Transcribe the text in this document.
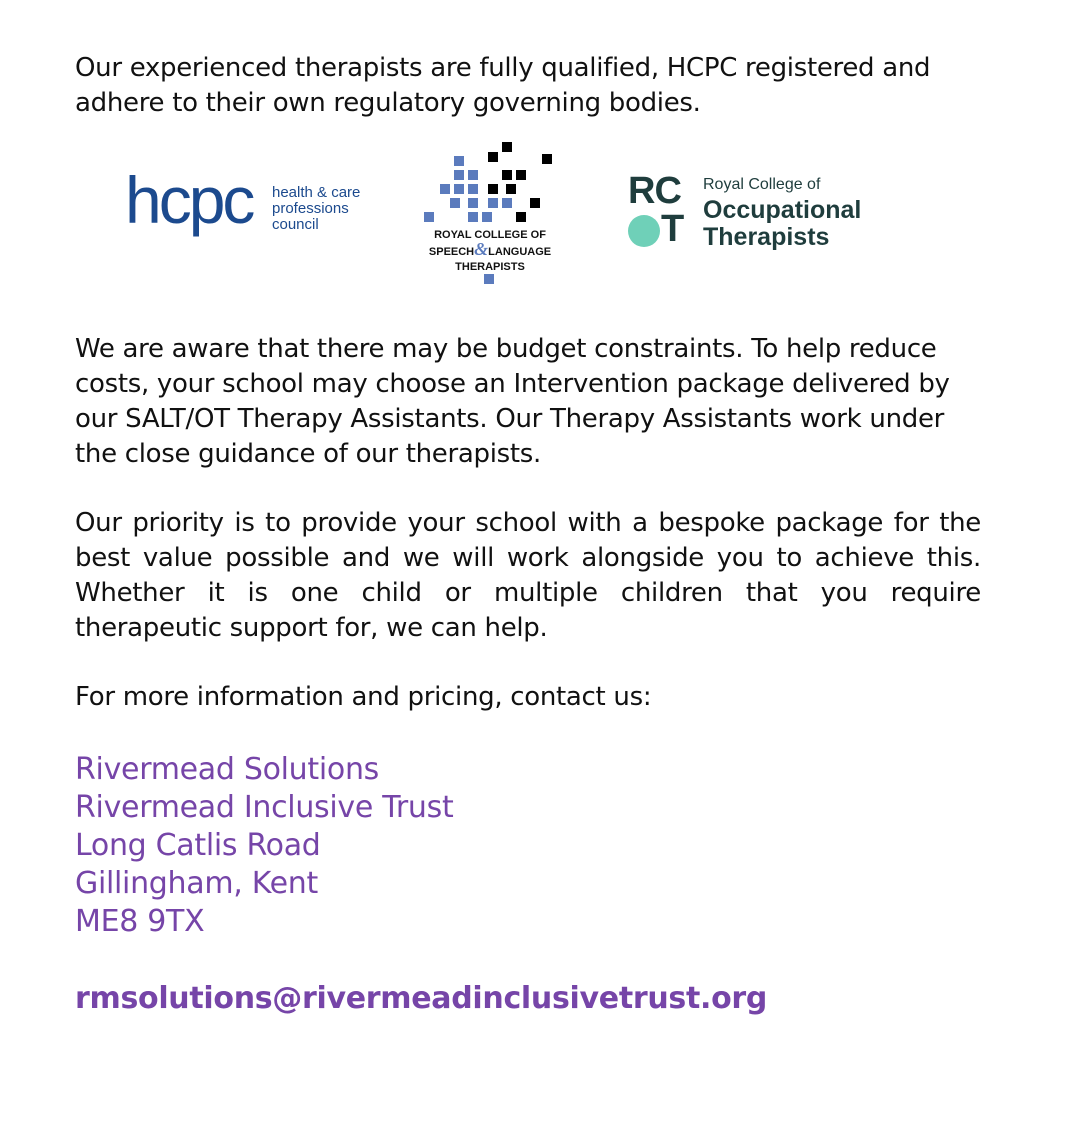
Our experienced therapists are fully qualified, HCPC registered and adhere to their own regulatory governing bodies.

hcpc health & care
professions
council
ROYAL COLLEGE OF
SPEECH&LANGUAGE
THERAPISTS
RC
T
Royal College of
Occupational
Therapists

We are aware that there may be budget constraints. To help reduce costs, your school may choose an Intervention package delivered by our SALT/OT Therapy Assistants. Our Therapy Assistants work under the close guidance of our therapists.

Our priority is to provide your school with a bespoke package for the best value possible and we will work alongside you to achieve this. Whether it is one child or multiple children that you require therapeutic support for, we can help.

For more information and pricing, contact us:

Rivermead Solutions
Rivermead Inclusive Trust
Long Catlis Road
Gillingham, Kent
ME8 9TX
rmsolutions@rivermeadinclusivetrust.org
